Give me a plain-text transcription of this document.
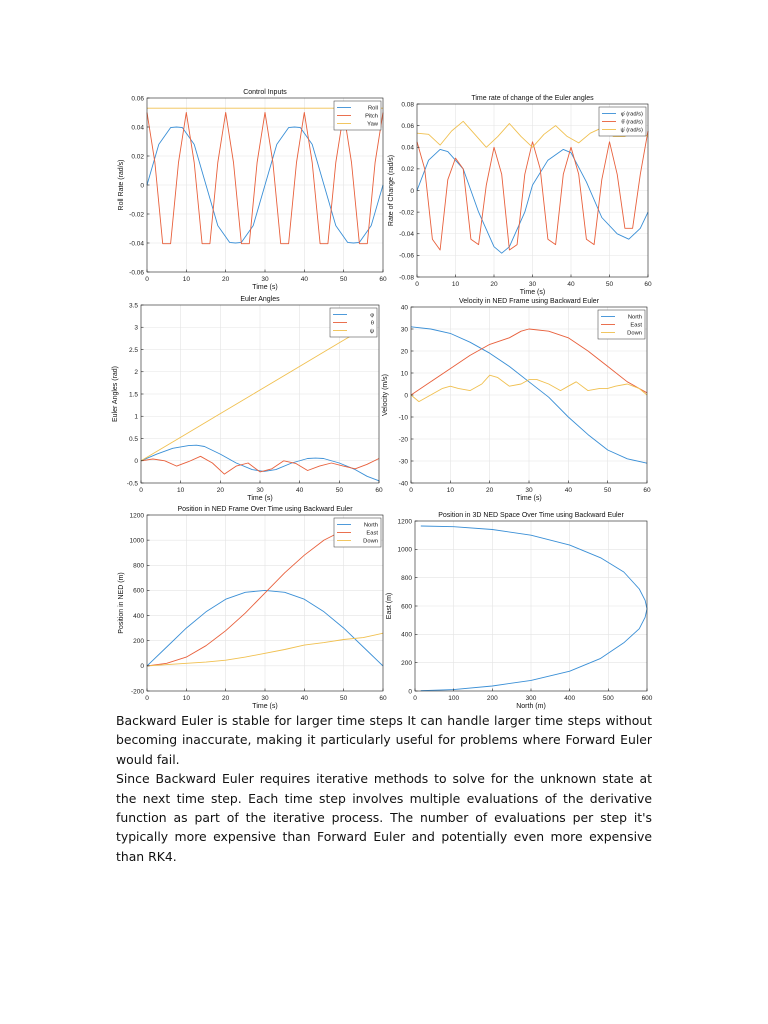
0	10	20	30	40	50	60
-0.06
-0.04
-0.02
0
0.02
0.04
0.06
Control Inputs
Time (s)
Roll Rate (rad/s)
Roll
Pitch
Yaw
0	10	20	30	40	50	60
-0.08
-0.06
-0.04
-0.02
0
0.02
0.04
0.06
0.08
Time rate of change of the Euler angles
Time (s)
Rate of Change (rad/s)
φ̇ (rad/s)
θ̇ (rad/s)
ψ̇ (rad/s)
0	10	20	30	40	50	60
-0.5
0
0.5
1
1.5
2
2.5
3
3.5
Euler Angles
Time (s)
Euler Angles (rad)
φ
θ
ψ
0	10	20	30	40	50	60
-40
-30
-20
-10
0
10
20
30
40
Velocity in NED Frame using Backward Euler
Time (s)
Velocity (m/s)
North
East
Down
0	10	20	30	40	50	60
-200
0
200
400
600
800
1000
1200
Position in NED Frame Over Time using Backward Euler
Time (s)
Position in NED (m)
North
East
Down
0	100	200	300	400	500	600
0
200
400
600
800
1000
1200
Position in 3D NED Space Over Time using Backward Euler
North (m)
East (m)

Backward Euler is stable for larger time steps It can handle larger time steps without becoming inaccurate, making it particularly useful for problems where Forward Euler would fail.

Since Backward Euler requires iterative methods to solve for the unknown state at the next time step. Each time step involves multiple evaluations of the derivative function as part of the iterative process. The number of evaluations per step it's typically more expensive than Forward Euler and potentially even more expensive than RK4.
